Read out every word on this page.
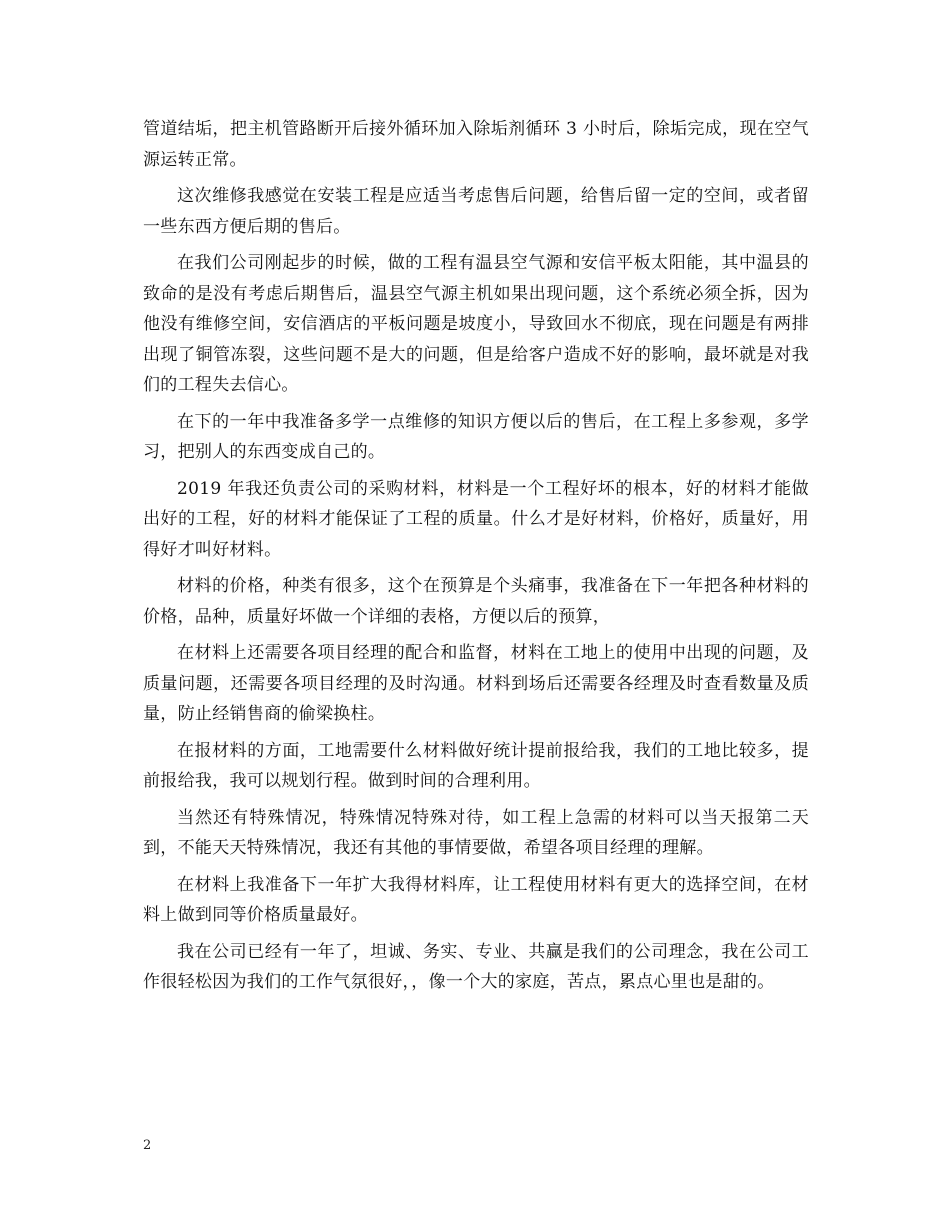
管道结垢，把主机管路断开后接外循环加入除垢剂循环 3 小时后，除垢完成，现在空气源运转正常。

这次维修我感觉在安装工程是应适当考虑售后问题，给售后留一定的空间，或者留一些东西方便后期的售后。

在我们公司刚起步的时候，做的工程有温县空气源和安信平板太阳能，其中温县的致命的是没有考虑后期售后，温县空气源主机如果出现问题，这个系统必须全拆，因为他没有维修空间，安信酒店的平板问题是坡度小，导致回水不彻底，现在问题是有两排出现了铜管冻裂，这些问题不是大的问题，但是给客户造成不好的影响，最坏就是对我们的工程失去信心。

在下的一年中我准备多学一点维修的知识方便以后的售后，在工程上多参观，多学习，把别人的东西变成自己的。

2019 年我还负责公司的采购材料，材料是一个工程好坏的根本，好的材料才能做出好的工程，好的材料才能保证了工程的质量。什么才是好材料，价格好，质量好，用得好才叫好材料。

材料的价格，种类有很多，这个在预算是个头痛事，我准备在下一年把各种材料的价格，品种，质量好坏做一个详细的表格，方便以后的预算，

在材料上还需要各项目经理的配合和监督，材料在工地上的使用中出现的问题，及质量问题，还需要各项目经理的及时沟通。材料到场后还需要各经理及时查看数量及质量，防止经销售商的偷梁换柱。

在报材料的方面，工地需要什么材料做好统计提前报给我，我们的工地比较多，提前报给我，我可以规划行程。做到时间的合理利用。

当然还有特殊情况，特殊情况特殊对待，如工程上急需的材料可以当天报第二天到，不能天天特殊情况，我还有其他的事情要做，希望各项目经理的理解。

在材料上我准备下一年扩大我得材料库，让工程使用材料有更大的选择空间，在材料上做到同等价格质量最好。

我在公司已经有一年了，坦诚、务实、专业、共赢是我们的公司理念，我在公司工作很轻松因为我们的工作气氛很好，，像一个大的家庭，苦点，累点心里也是甜的。

2
